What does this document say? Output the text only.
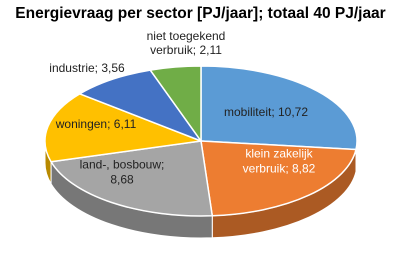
Energievraag per sector [PJ/jaar]; totaal 40 PJ/jaar
mobiliteit; 10,72
klein zakelijk verbruik; 8,82
land-, bosbouw; 8,68
woningen; 6,11
industrie; 3,56
niet toegekend verbruik; 2,11
